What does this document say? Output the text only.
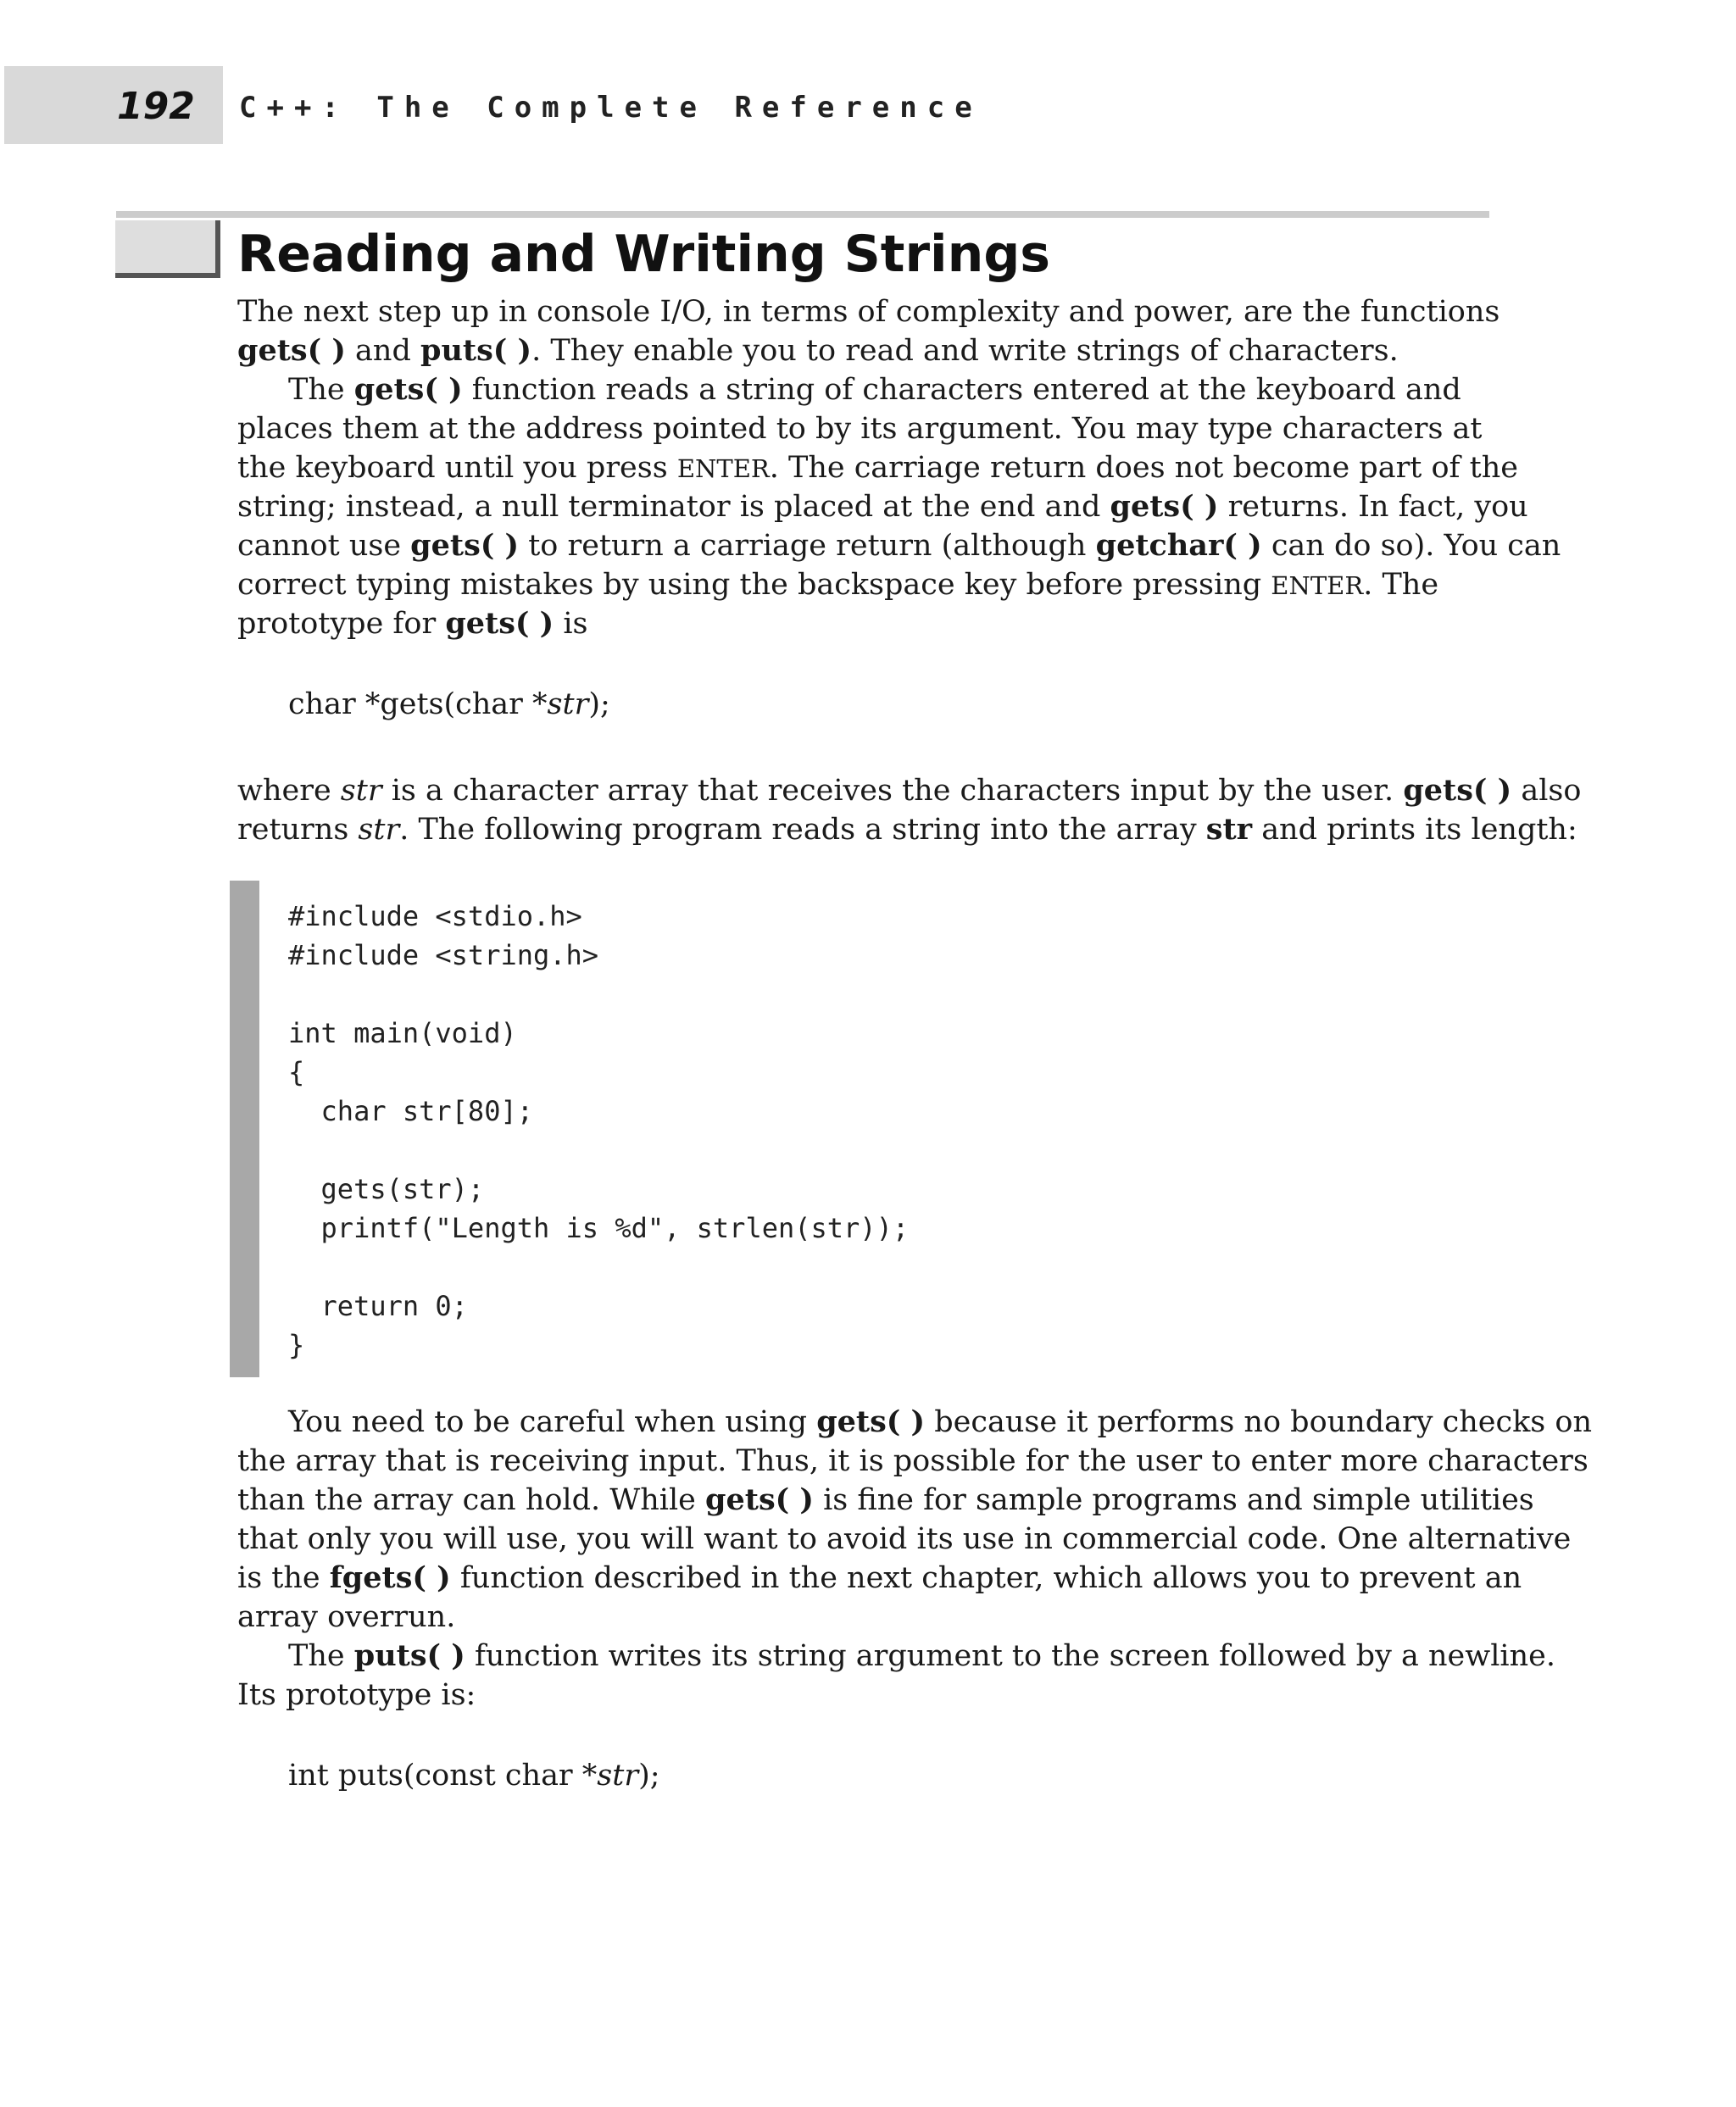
192 C++: The Complete Reference
Reading and Writing Strings
The next step up in console I/O, in terms of complexity and power, are the functions
gets( ) and puts( ). They enable you to read and write strings of characters.
The gets( ) function reads a string of characters entered at the keyboard and
places them at the address pointed to by its argument. You may type characters at
the keyboard until you press ENTER. The carriage return does not become part of the
string; instead, a null terminator is placed at the end and gets( ) returns. In fact, you
cannot use gets( ) to return a carriage return (although getchar( ) can do so). You can
correct typing mistakes by using the backspace key before pressing ENTER. The
prototype for gets( ) is
char *gets(char *str);
where str is a character array that receives the characters input by the user. gets( ) also
returns str. The following program reads a string into the array str and prints its length:
#include <stdio.h>
#include <string.h>

int main(void)
{
char str[80];

gets(str);
printf("Length is %d", strlen(str));

return 0;
}
You need to be careful when using gets( ) because it performs no boundary checks on
the array that is receiving input. Thus, it is possible for the user to enter more characters
than the array can hold. While gets( ) is fine for sample programs and simple utilities
that only you will use, you will want to avoid its use in commercial code. One alternative
is the fgets( ) function described in the next chapter, which allows you to prevent an
array overrun.
The puts( ) function writes its string argument to the screen followed by a newline.
Its prototype is:
int puts(const char *str);
